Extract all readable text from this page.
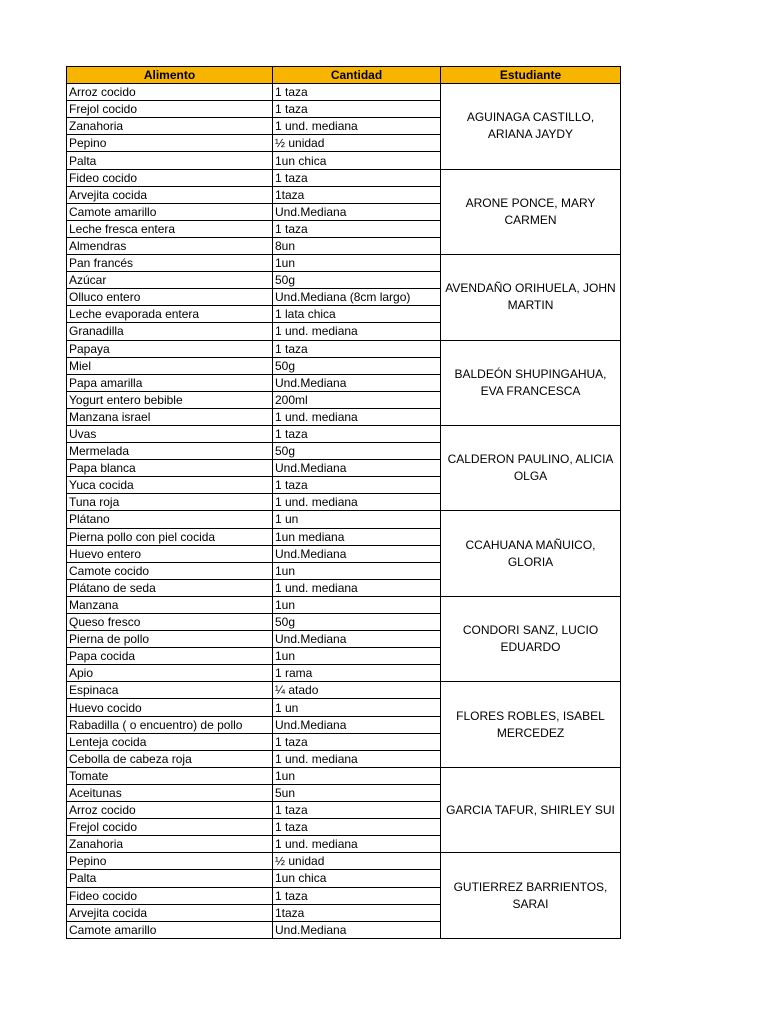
Alimento	Cantidad	Estudiante
Arroz cocido	1 taza	AGUINAGA CASTILLO, ARIANA JAYDY
Frejol cocido	1 taza	
Zanahoria	1 und. mediana	
Pepino	½ unidad	
Palta	1un chica	
Fideo cocido	1 taza	ARONE PONCE, MARY CARMEN
Arvejita cocida	1taza	
Camote amarillo	Und.Mediana	
Leche fresca entera	1 taza	
Almendras	8un	
Pan francés	1un	AVENDAÑO ORIHUELA, JOHN MARTIN
Azúcar	50g	
Olluco entero	Und.Mediana (8cm largo)	
Leche evaporada entera	1 lata chica	
Granadilla	1 und. mediana	
Papaya	1 taza	BALDEÓN SHUPINGAHUA, EVA FRANCESCA
Miel	50g	
Papa amarilla	Und.Mediana	
Yogurt entero bebible	200ml	
Manzana israel	1 und. mediana	
Uvas	1 taza	CALDERON PAULINO, ALICIA OLGA
Mermelada	50g	
Papa blanca	Und.Mediana	
Yuca cocida	1 taza	
Tuna roja	1 und. mediana	
Plátano	1 un	CCAHUANA MAÑUICO, GLORIA
Pierna pollo con piel cocida	1un mediana	
Huevo entero	Und.Mediana	
Camote cocido	1un	
Plátano de seda	1 und. mediana	
Manzana	1un	CONDORI SANZ, LUCIO EDUARDO
Queso fresco	50g	
Pierna de pollo	Und.Mediana	
Papa cocida	1un	
Apio	1 rama	
Espinaca	¼ atado	FLORES ROBLES, ISABEL MERCEDEZ
Huevo cocido	1 un	
Rabadilla ( o encuentro) de pollo	Und.Mediana	
Lenteja cocida	1 taza	
Cebolla de cabeza roja	1 und. mediana	
Tomate	1un	GARCIA TAFUR, SHIRLEY SUI
Aceitunas	5un	
Arroz cocido	1 taza	
Frejol cocido	1 taza	
Zanahoria	1 und. mediana	
Pepino	½ unidad	GUTIERREZ BARRIENTOS, SARAI
Palta	1un chica	
Fideo cocido	1 taza	
Arvejita cocida	1taza	
Camote amarillo	Und.Mediana	
